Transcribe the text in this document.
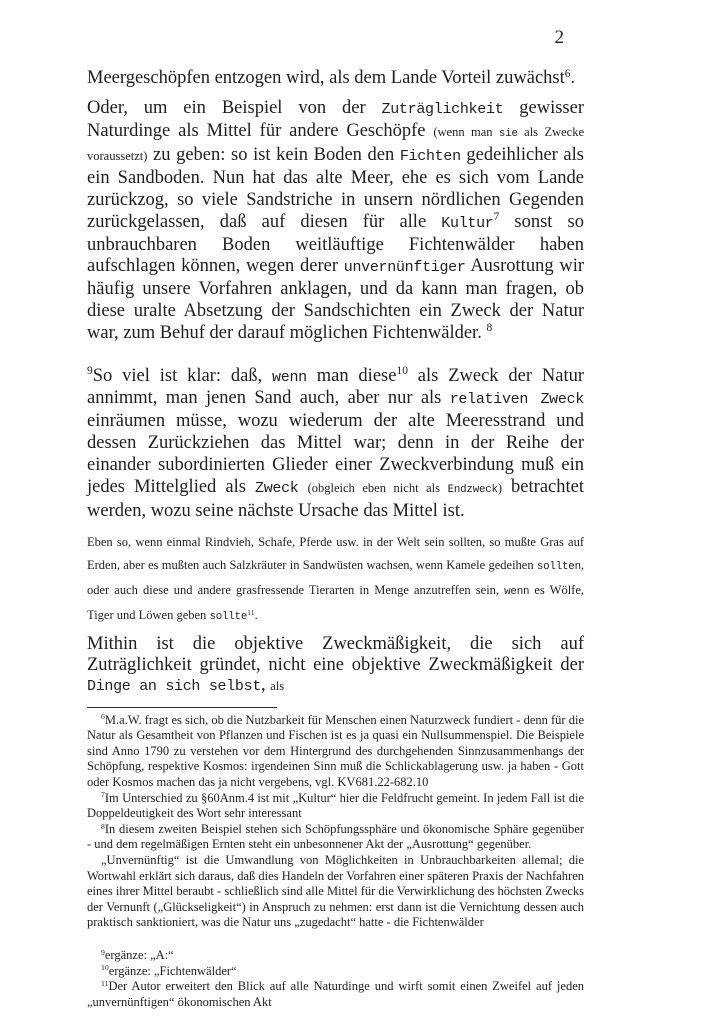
2

Meergeschöpfen entzogen wird, als dem Lande Vorteil zuwächst$^6$.

Oder, um ein Beispiel von der Zuträglichkeit gewisser Naturdinge als Mittel für andere Geschöpfe (wenn man sie als Zwecke voraussetzt) zu geben: so ist kein Boden den Fichten gedeihlicher als ein Sandboden. Nun hat das alte Meer, ehe es sich vom Lande zurückzog, so viele Sandstriche in unsern nördlichen Gegenden zurückgelassen, daß auf diesen für alle Kultur$^7$ sonst so unbrauchbaren Boden weitläuftige Fichtenwälder haben aufschlagen können, wegen derer unvernünftiger Ausrottung wir häufig unsere Vorfahren anklagen, und da kann man fragen, ob diese uralte Absetzung der Sandschichten ein Zweck der Natur war, zum Behuf der darauf möglichen Fichtenwälder. $^8$

$^9$So viel ist klar: daß, wenn man diese$^{10}$ als Zweck der Natur annimmt, man jenen Sand auch, aber nur als relativen Zweck einräumen müsse, wozu wiederum der alte Meeresstrand und dessen Zurückziehen das Mittel war; denn in der Reihe der einander subordinierten Glieder einer Zweckverbindung muß ein jedes Mittelglied als Zweck (obgleich eben nicht als Endzweck) betrachtet werden, wozu seine nächste Ursache das Mittel ist.

Eben so, wenn einmal Rindvieh, Schafe, Pferde usw. in der Welt sein sollten, so mußte Gras auf Erden, aber es mußten auch Salzkräuter in Sandwüsten wachsen, wenn Kamele gedeihen sollten, oder auch diese und andere grasfressende Tierarten in Menge anzutreffen sein, wenn es Wölfe, Tiger und Löwen geben sollte$^{11}$.

Mithin ist die objektive Zweckmäßigkeit, die sich auf Zuträglichkeit gründet, nicht eine objektive Zweckmäßigkeit der Dinge an sich selbst, als

$^6$M.a.W. fragt es sich, ob die Nutzbarkeit für Menschen einen Naturzweck fundiert - denn für die Natur als Gesamtheit von Pflanzen und Fischen ist es ja quasi ein Nullsummenspiel. Die Beispiele sind Anno 1790 zu verstehen vor dem Hintergrund des durchgehenden Sinnzusammenhangs der Schöpfung, respektive Kosmos: irgendeinen Sinn muß die Schlickablagerung usw. ja haben - Gott oder Kosmos machen das ja nicht vergebens, vgl. KV681.22-682.10

$^7$Im Unterschied zu §60Anm.4 ist mit „Kultur“ hier die Feldfrucht gemeint. In jedem Fall ist die Doppeldeutigkeit des Wort sehr interessant

$^8$In diesem zweiten Beispiel stehen sich Schöpfungssphäre und ökonomische Sphäre gegenüber - und dem regelmäßigen Ernten steht ein unbesonnener Akt der „Ausrottung“ gegenüber.

„Unvernünftig“ ist die Umwandlung von Möglichkeiten in Unbrauchbarkeiten allemal; die Wortwahl erklärt sich daraus, daß dies Handeln der Vorfahren einer späteren Praxis der Nachfahren eines ihrer Mittel beraubt - schließlich sind alle Mittel für die Verwirklichung des höchsten Zwecks der Vernunft („Glückseligkeit“) in Anspruch zu nehmen: erst dann ist die Vernichtung dessen auch praktisch sanktioniert, was die Natur uns „zugedacht“ hatte - die Fichtenwälder

$^9$ergänze: „A:“

$^{10}$ergänze: „Fichtenwälder“

$^{11}$Der Autor erweitert den Blick auf alle Naturdinge und wirft somit einen Zweifel auf jeden „unvernünftigen“ ökonomischen Akt
